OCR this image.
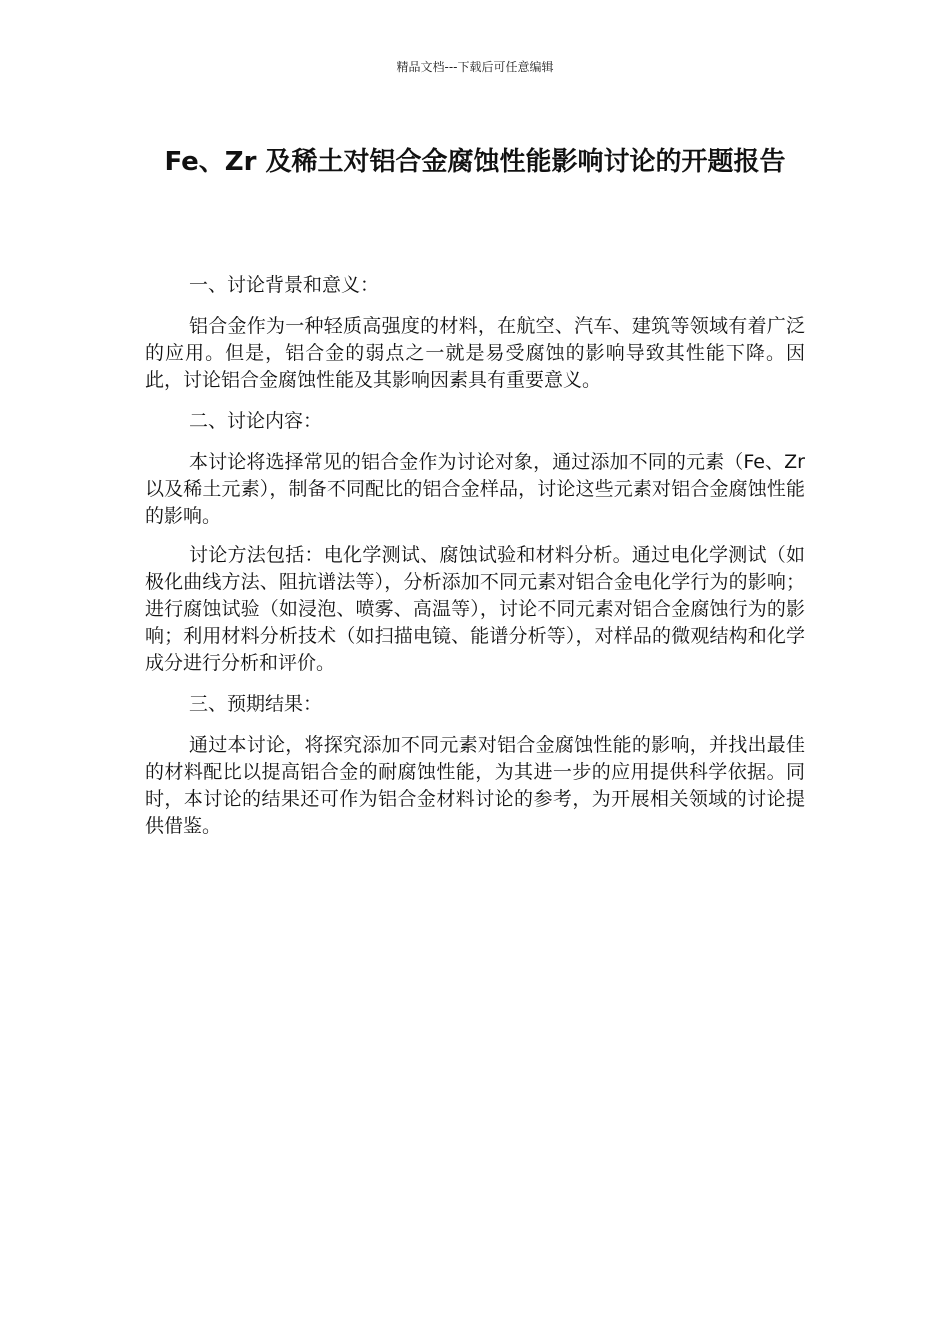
精品文档---下载后可任意编辑
Fe、Zr 及稀土对铝合金腐蚀性能影响讨论的开题报告

一、讨论背景和意义：

铝合金作为一种轻质高强度的材料，在航空、汽车、建筑等领域有着广泛的应用。但是，铝合金的弱点之一就是易受腐蚀的影响导致其性能下降。因此，讨论铝合金腐蚀性能及其影响因素具有重要意义。

二、讨论内容：

本讨论将选择常见的铝合金作为讨论对象，通过添加不同的元素（Fe、Zr 以及稀土元素），制备不同配比的铝合金样品，讨论这些元素对铝合金腐蚀性能的影响。

讨论方法包括：电化学测试、腐蚀试验和材料分析。通过电化学测试（如极化曲线方法、阻抗谱法等），分析添加不同元素对铝合金电化学行为的影响；进行腐蚀试验（如浸泡、喷雾、高温等），讨论不同元素对铝合金腐蚀行为的影响；利用材料分析技术（如扫描电镜、能谱分析等），对样品的微观结构和化学成分进行分析和评价。

三、预期结果：

通过本讨论，将探究添加不同元素对铝合金腐蚀性能的影响，并找出最佳的材料配比以提高铝合金的耐腐蚀性能，为其进一步的应用提供科学依据。同时，本讨论的结果还可作为铝合金材料讨论的参考，为开展相关领域的讨论提供借鉴。
